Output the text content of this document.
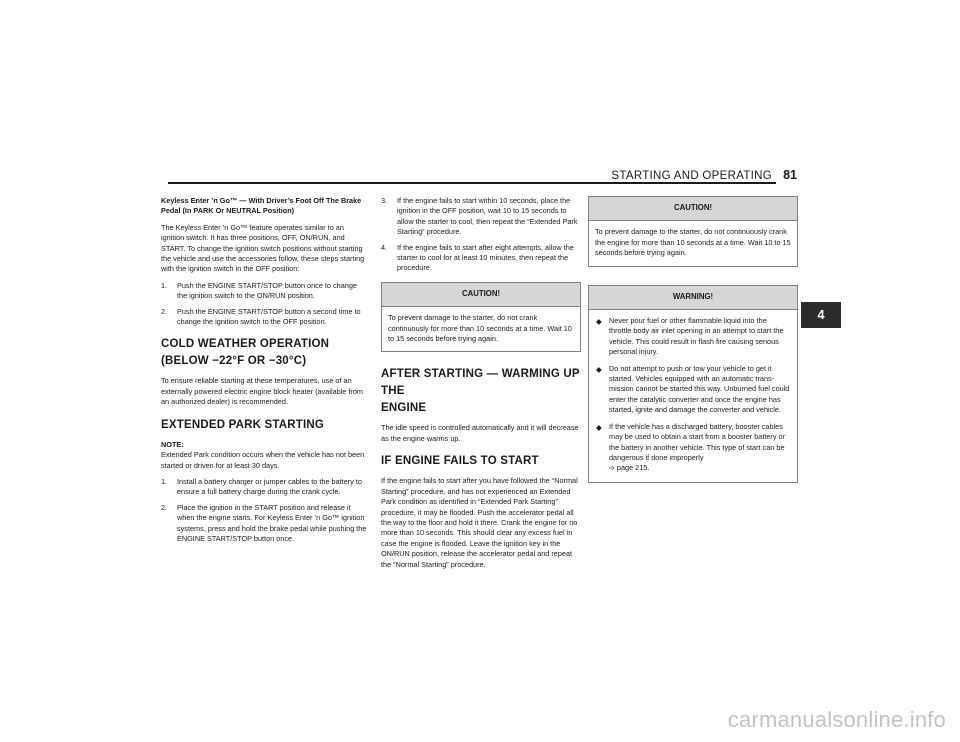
STARTING AND OPERATING 81

Keyless Enter ’n Go™ — With Driver’s Foot Off The Brake Pedal (In PARK Or NEUTRAL Position)

The Keyless Enter ’n Go™ feature operates similar to an ignition switch. It has three positions, OFF, ON/RUN, and START. To change the ignition switch positions without starting the vehicle and use the accessories follow, these steps starting with the ignition switch in the OFF position:

1. Push the ENGINE START/STOP button once to change the ignition switch to the ON/RUN position.
2. Push the ENGINE START/STOP button a second time to change the ignition switch to the OFF position.
COLD WEATHER OPERATION
(BELOW −22°F OR −30°C)

To ensure reliable starting at these temperatures, use of an externally powered electric engine block heater (available from an authorized dealer) is recommended.

EXTENDED PARK STARTING

NOTE:
Extended Park condition occurs when the vehicle has not been started or driven for at least 30 days.

1. Install a battery charger or jumper cables to the battery to ensure a full battery charge during the crank cycle.
2. Place the ignition in the START position and release it when the engine starts. For Keyless Enter ’n Go™ ignition systems, press and hold the brake pedal while pushing the ENGINE START/STOP button once.
3. If the engine fails to start within 10 seconds, place the ignition in the OFF position, wait 10 to 15 seconds to allow the starter to cool, then repeat the “Extended Park Starting” procedure.
4. If the engine fails to start after eight attempts, allow the starter to cool for at least 10 minutes, then repeat the procedure.
CAUTION!
To prevent damage to the starter, do not crank continuously for more than 10 seconds at a time. Wait 10 to 15 seconds before trying again.
AFTER STARTING — WARMING UP THE
ENGINE

The idle speed is controlled automatically and it will decrease as the engine warms up.

IF ENGINE FAILS TO START

If the engine fails to start after you have followed the “Normal Starting” procedure, and has not experienced an Extended Park condition as identified in “Extended Park Starting” procedure, it may be flooded. Push the accelerator pedal all the way to the floor and hold it there. Crank the engine for no more than 10 seconds. This should clear any excess fuel in case the engine is flooded. Leave the ignition key in the ON/RUN position, release the accelerator pedal and repeat the “Normal Starting” procedure.

CAUTION!
To prevent damage to the starter, do not continuously crank the engine for more than 10 seconds at a time. Wait 10 to 15 seconds before trying again.
WARNING!
◆ Never pour fuel or other flammable liquid into the throttle body air inlet opening in an attempt to start the vehicle. This could result in flash fire causing serious personal injury.
◆ Do not attempt to push or tow your vehicle to get it started. Vehicles equipped with an automatic trans-mission cannot be started this way. Unburned fuel could enter the catalytic converter and once the engine has started, ignite and damage the converter and vehicle.
◆ If the vehicle has a discharged battery, booster cables may be used to obtain a start from a booster battery or the battery in another vehicle. This type of start can be dangerous if done improperly
➩ page 215.
4
carmanualsonline.info
